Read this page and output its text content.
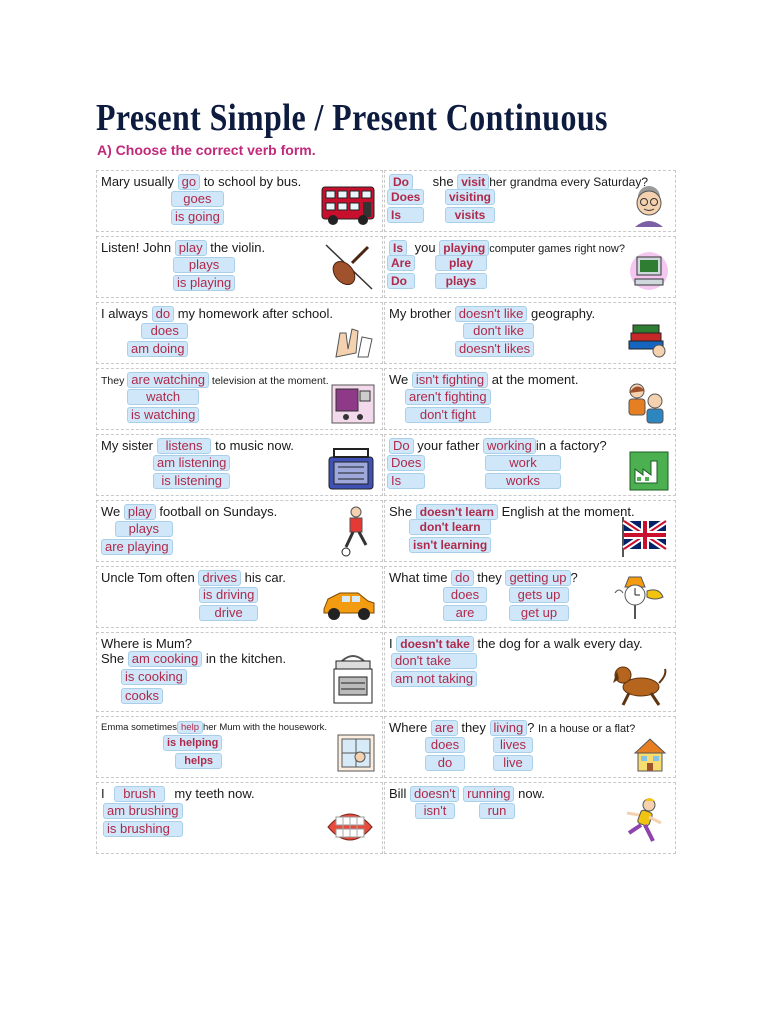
Present Simple / Present Continuous
A) Choose the correct verb form.
Mary usually go to school by bus.
goes
is going
Do she visit her grandma every Saturday?
Does
Is
visiting
visits
Listen! John play the violin.
plays
is playing
Is you playing computer games right now?
Are
Do
play
plays
I always do my homework after school.
does
am doing
My brother doesn't like geography.
don't like
doesn't likes
They are watching television at the moment.
watch
is watching
We isn't fighting at the moment.
aren't fighting
don't fight
My sister listens to music now.
am listening
is listening
Do your father working in a factory?
Does
Is
work
works
We play football on Sundays.
plays
are playing
She doesn't learn English at the moment.
don't learn
isn't learning
Uncle Tom often drives his car.
is driving
drive
What time do they getting up ?
does
are
gets up
get up
Where is Mum?
She am cooking in the kitchen.
is cooking
cooks
I doesn't take the dog for a walk every day.
don't take
am not taking
Emma sometimes help her Mum with the housework.
is helping
helps
Where are they living ? In a house or a flat?
does
do
lives
live
I brush my teeth now.
am brushing
is brushing
Bill doesn't running now.
isn't	run
